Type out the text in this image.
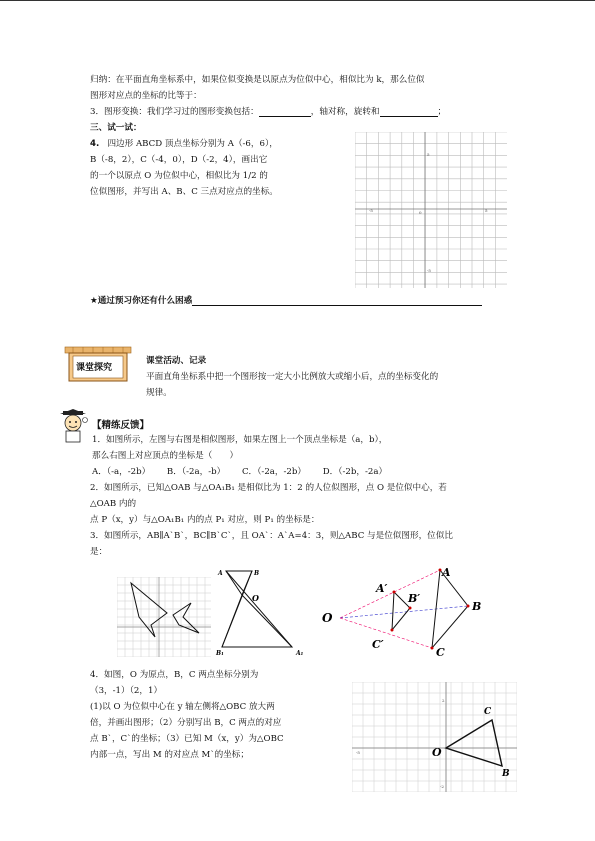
归纳：在平面直角坐标系中，如果位似变换是以原点为位似中心，相似比为 k，那么位似
图形对应点的坐标的比等于：
3．图形变换：我们学习过的图形变换包括：	，轴对称，旋转和	；
三、试一试：
4. 四边形 ABCD 顶点坐标分别为 A（-6，6），
B（-8，2），C（-4，0），D（-2，4），画出它
的一个以原点 O 为位似中心，相似比为 1/2 的
位似图形，并写出 A、B、C 三点对应点的坐标。
-5	5
5
-5
0
★通过预习你还有什么困惑
课堂探究
课堂活动、记录
平面直角坐标系中把一个图形按一定大小比例放大或缩小后，点的坐标变化的
规律。
【精练反馈】
1．如图所示，左图与右图是相似图形，如果左图上一个顶点坐标是（a，b），
那么右图上对应顶点的坐标是（　　）
A．（-a，-2b） B．（-2a，-b） C．（-2a，-2b） D．（-2b，-2a）
2．如图所示，已知△OAB 与△OA₁B₁ 是相似比为 1：2 的人位似图形，点 O 是位似中心，若
△OAB 内的
点 P（x，y）与△OA₁B₁ 内的点 P₁ 对应，则 P₁ 的坐标是：
3．如图所示，AB∥A`B`，BC∥B`C`，且 OA`：A`A=4：3，则△ABC 与是位似图形，位似比
是：
A	B
O
B₁	A₁
A
A′
B
B′
C
C′
O
4．如图，O 为原点，B，C 两点坐标分别为
（3，-1）（2，1）
(1)以 O 为位似中心在 y 轴左侧将△OBC 放大两
倍，并画出图形；（2）分别写出 B，C 两点的对应
点 B`，C`的坐标；（3）已知 M（x，y）为△OBC
内部一点，写出 M 的对应点 M`的坐标；
C
B
O
-5
2
-2
